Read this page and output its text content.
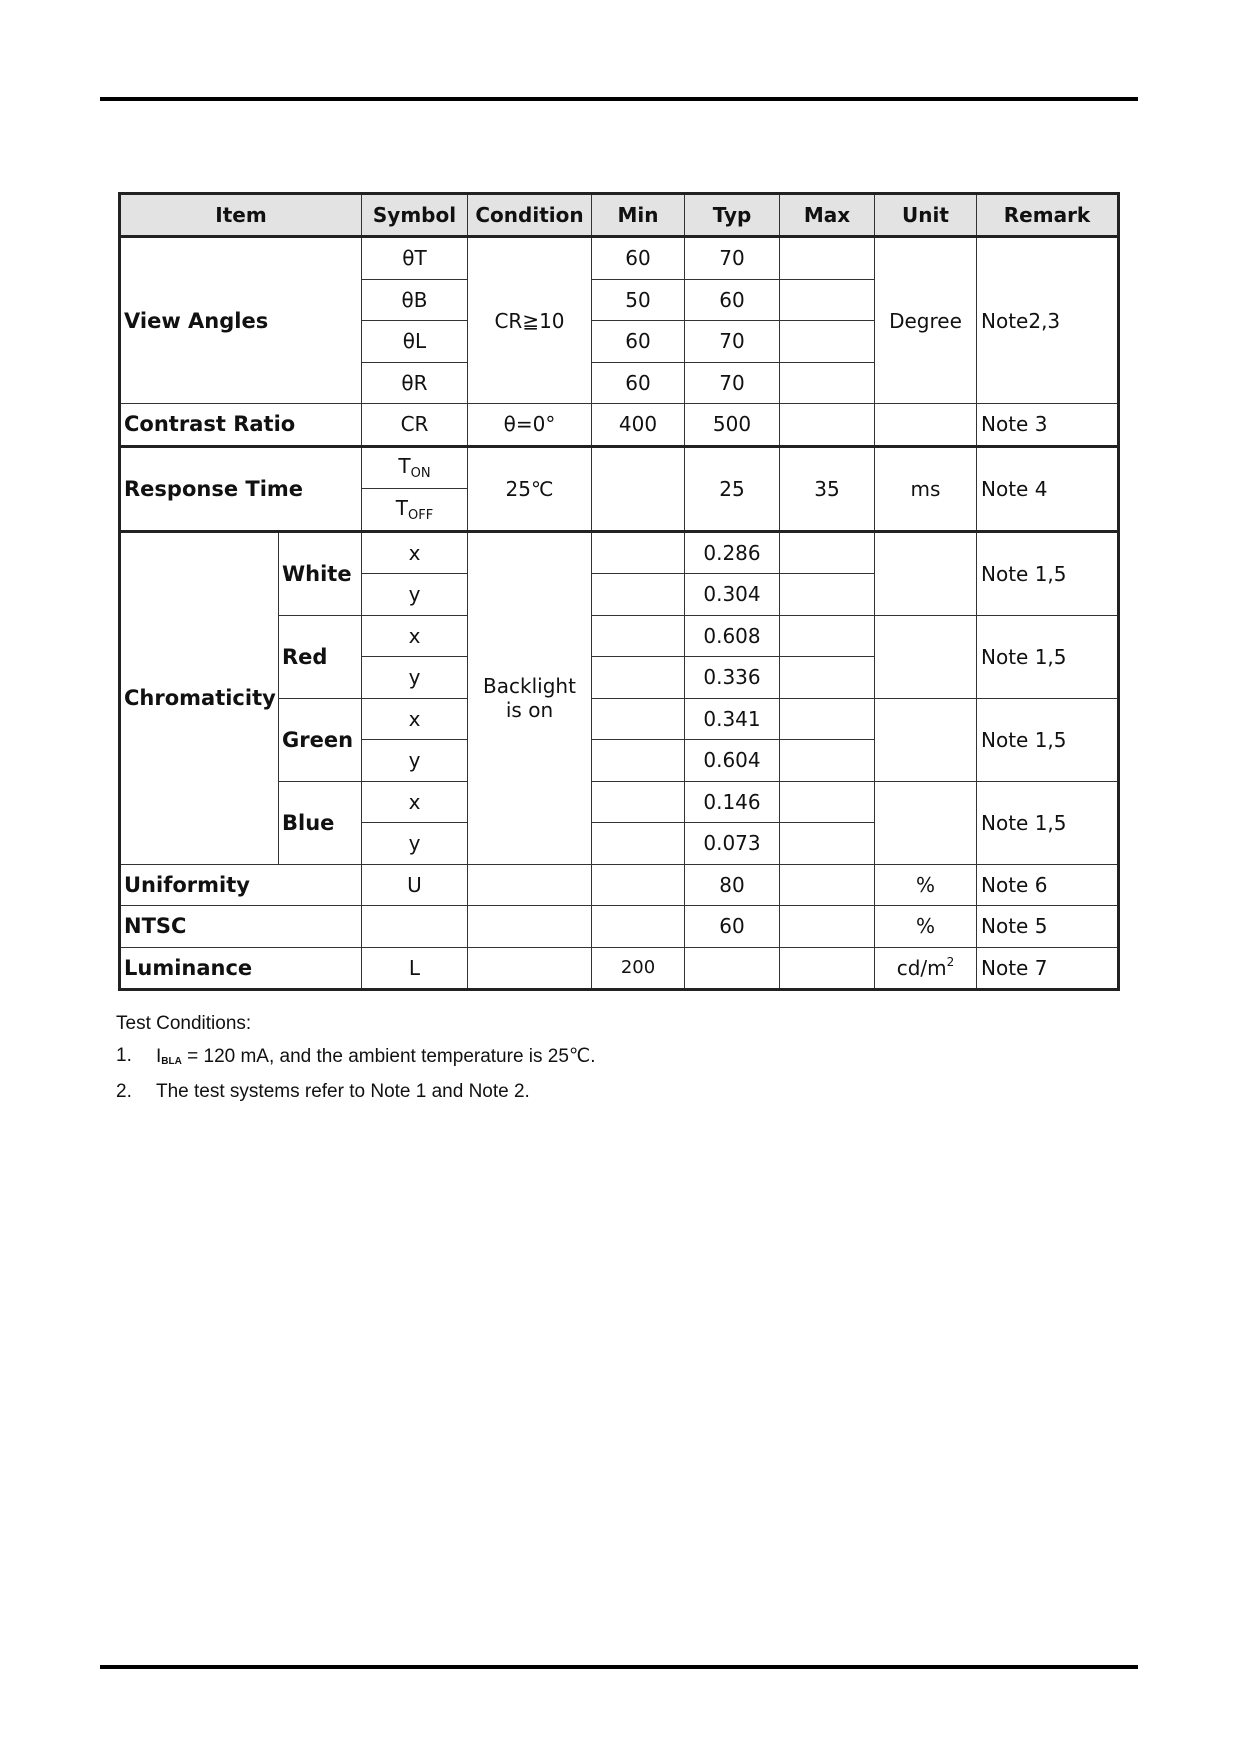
Item		Symbol	Condition	Min	Typ	Max	Unit	Remark
View Angles		θT	CR≧10	60	70		Degree	Note2,3
		θB		50	60			
		θL		60	70			
		θR		60	70			
Contrast Ratio		CR	θ=0°	400	500			Note 3
Response Time		$T_{ON}$	25℃		25	35	ms	Note 4
		$T_{OFF}$
Chromaticity	White	x	Backlight is on		0.286			Note 1,5
		y			0.304			
	Red	x			0.608			Note 1,5
		y			0.336			
	Green	x			0.341			Note 1,5
		y			0.604			
	Blue	x			0.146			Note 1,5
		y			0.073			
Uniformity		U			80		%	Note 6
NTSC					60		%	Note 5
Luminance		L		200			$cd/m^2$	Note 7
Test Conditions:
1. IBLA = 120 mA, and the ambient temperature is 25℃.
2. The test systems refer to Note 1 and Note 2.
